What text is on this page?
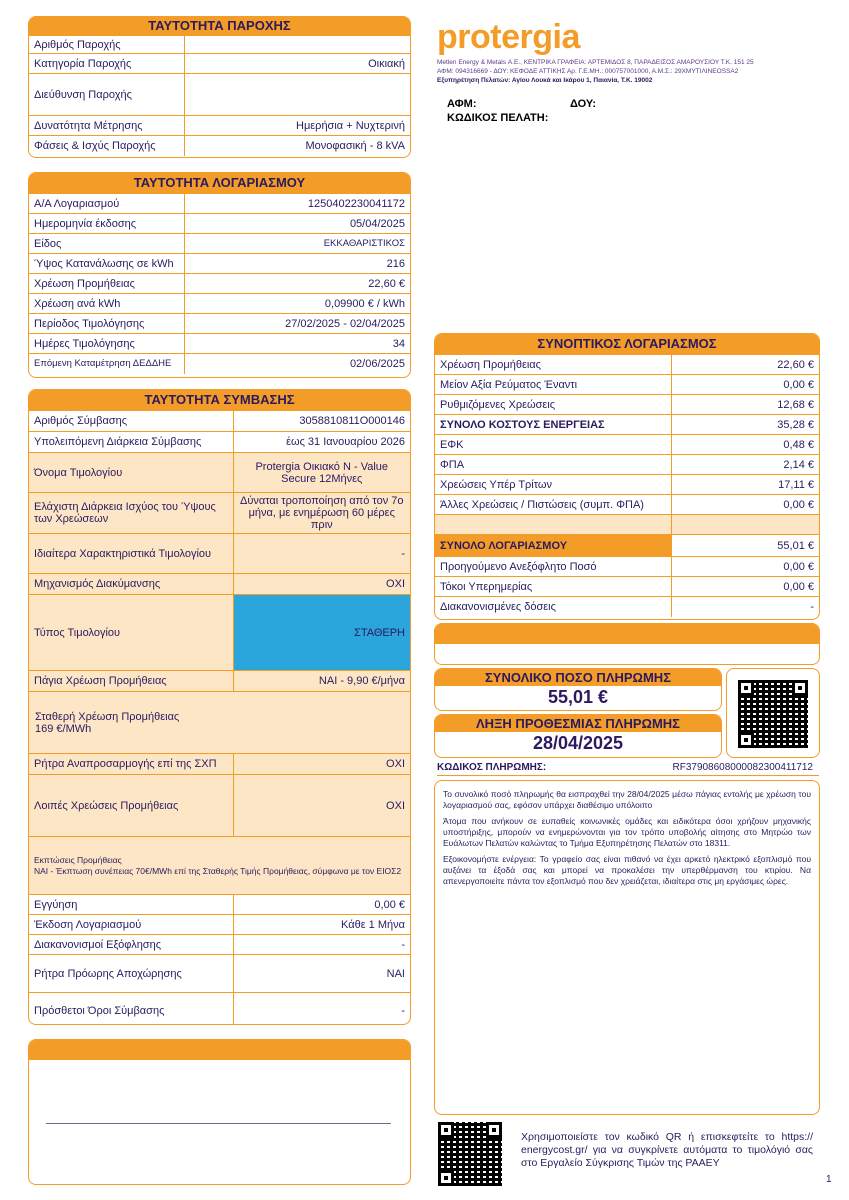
ΤΑΥΤΟΤΗΤΑ ΠΑΡΟΧΗΣ
Αριθμός Παροχής	
Κατηγορία Παροχής	Οικιακή
Διεύθυνση Παροχής	
Δυνατότητα Μέτρησης	Ημερήσια + Νυχτερινή
Φάσεις & Ισχύς Παροχής	Μονοφασική - 8 kVA
ΤΑΥΤΟΤΗΤΑ ΛΟΓΑΡΙΑΣΜΟΥ
Α/Α Λογαριασμού	1250402230041172
Ημερομηνία έκδοσης	05/04/2025
Είδος	ΕΚΚΑΘΑΡΙΣΤΙΚΟΣ
Ύψος Κατανάλωσης σε kWh	216
Χρέωση Προμήθειας	22,60 €
Χρέωση ανά kWh	0,09900 € / kWh
Περίοδος Τιμολόγησης	27/02/2025 - 02/04/2025
Ημέρες Τιμολόγησης	34
Επόμενη Καταμέτρηση ΔΕΔΔΗΕ	02/06/2025
ΤΑΥΤΟΤΗΤΑ ΣΥΜΒΑΣΗΣ
Αριθμός Σύμβασης	3058810811O000146
Υπολειπόμενη Διάρκεια Σύμβασης	έως 31 Ιανουαρίου 2026
Όνομα Τιμολογίου	Protergia Οικιακό N - Value Secure 12Μήνες
Ελάχιστη Διάρκεια Ισχύος του Ύψους των Χρεώσεων	Δύναται τροποποίηση από τον 7ο μήνα, με ενημέρωση 60 μέρες πριν
Ιδιαίτερα Χαρακτηριστικά Τιμολογίου	-
Μηχανισμός Διακύμανσης	ΟΧΙ
Τύπος Τιμολογίου	ΣΤΑΘΕΡΗ
Πάγια Χρέωση Προμήθειας	ΝΑΙ - 9,90 €/μήνα
Σταθερή Χρέωση Προμήθειας
169 €/MWh	
Ρήτρα Αναπροσαρμογής επί της ΣΧΠ	ΟΧΙ
Λοιπές Χρεώσεις Προμήθειας	ΟΧΙ
Εκπτώσεις Προμήθειας
ΝΑΙ - Έκπτωση συνέπειας 70€/MWh επί της Σταθερής Τιμής Προμήθειας, σύμφωνα με τον ΕΙΟΣ2	
Εγγύηση	0,00 €
Έκδοση Λογαριασμού	Κάθε 1 Μήνα
Διακανονισμοί Εξόφλησης	-
Ρήτρα Πρόωρης Αποχώρησης	ΝΑΙ
Πρόσθετοι Όροι Σύμβασης	-
protergia
Metlen Energy & Metals Α.Ε., ΚΕΝΤΡΙΚΑ ΓΡΑΦΕΙΑ: ΑΡΤΕΜΙΔΟΣ 8, ΠΑΡΑΔΕΙΣΟΣ ΑΜΑΡΟΥΣΙΟΥ Τ.Κ. 151 25
ΑΦΜ: 094316669 - ΔΟΥ: ΚΕΦΟΔΕ ΑΤΤΙΚΗΣ Αρ. Γ.Ε.ΜΗ.: 000757001000, Α.Μ.Σ.: 29ΧΜΥΤΙΛΙΝΕΟSSA2
Εξυπηρέτηση Πελατών: Αγίου Λουκά και Ικάρου 1, Παιανία, Τ.Κ. 19002
ΑΦΜ:	ΔΟΥ:
ΚΩΔΙΚΟΣ ΠΕΛΑΤΗ:
ΣΥΝΟΠΤΙΚΟΣ ΛΟΓΑΡΙΑΣΜΟΣ
Χρέωση Προμήθειας	22,60 €
Μείον Αξία Ρεύματος Έναντι	0,00 €
Ρυθμιζόμενες Χρεώσεις	12,68 €
ΣΥΝΟΛΟ ΚΟΣΤΟΥΣ ΕΝΕΡΓΕΙΑΣ	35,28 €
ΕΦΚ	0,48 €
ΦΠΑ	2,14 €
Χρεώσεις Υπέρ Τρίτων	17,11 €
Άλλες Χρεώσεις / Πιστώσεις (συμπ. ΦΠΑ)	0,00 €

ΣΥΝΟΛΟ ΛΟΓΑΡΙΑΣΜΟΥ	55,01 €
Προηγούμενο Ανεξόφλητο Ποσό	0,00 €
Τόκοι Υπερημερίας	0,00 €
Διακανονισμένες δόσεις	-
ΣΥΝΟΛΙΚΟ ΠΟΣΟ ΠΛΗΡΩΜΗΣ
55,01 €
ΛΗΞΗ ΠΡΟΘΕΣΜΙΑΣ ΠΛΗΡΩΜΗΣ
28/04/2025
ΚΩΔΙΚΟΣ ΠΛΗΡΩΜΗΣ:	RF37908608000082300411712

Το συνολικό ποσό πληρωμής θα εισπραχθεί την 28/04/2025 μέσω πάγιας εντολής με χρέωση του λογαριασμού σας, εφόσον υπάρχει διαθέσιμο υπόλοιπο

Άτομα που ανήκουν σε ευπαθείς κοινωνικές ομάδες και ειδικότερα όσοι χρήζουν μηχανικής υποστήριξης, μπορούν να ενημερώνονται για τον τρόπο υποβολής αίτησης στο Μητρώο των Ευάλωτων Πελατών καλώντας το Τμήμα Εξυπηρέτησης Πελατών στο 18311.

Εξοικονομήστε ενέργεια: Το γραφείο σας είναι πιθανό να έχει αρκετό ηλεκτρικό εξοπλισμό που αυξάνει τα έξοδά σας και μπορεί να προκαλέσει την υπερθέρμανση του κτιρίου. Να απενεργοποιείτε πάντα τον εξοπλισμό που δεν χρειάζεται, ιδιαίτερα στις μη εργάσιμες ώρες.

Χρησιμοποιείστε τον κωδικό QR ή επισκεφτείτε το https:// energycost.gr/ για να συγκρίνετε αυτόματα το τιμολόγιό σας στο Εργαλείο Σύγκρισης Τιμών της ΡΑΑΕΥ
1
